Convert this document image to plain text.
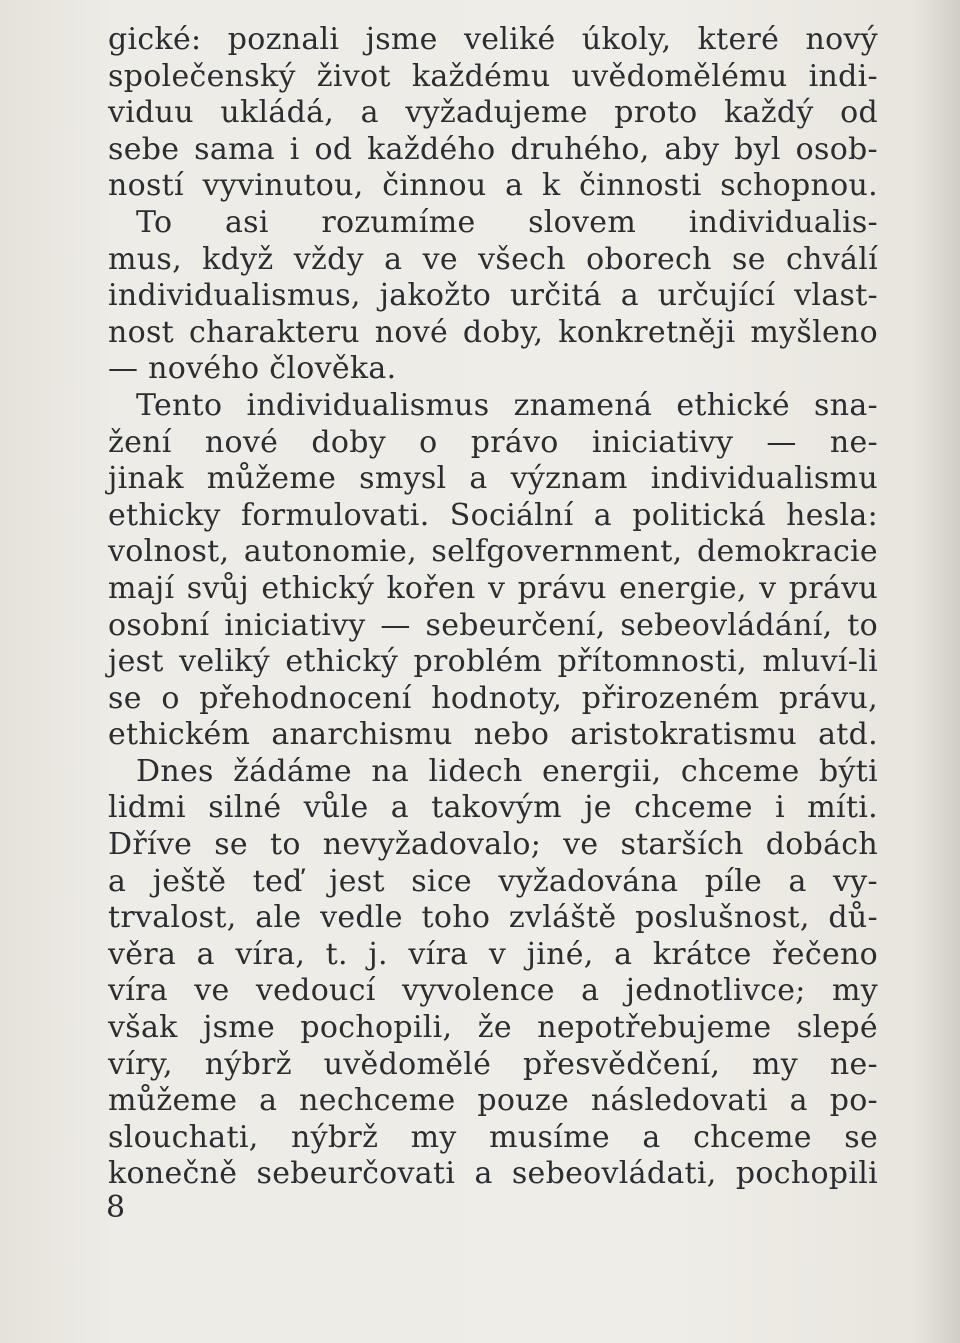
gické: poznali jsme veliké úkoly, které nový
společenský život každému uvědomělému indi-
viduu ukládá, a vyžadujeme proto každý od
sebe sama i od každého druhého, aby byl osob-
ností vyvinutou, činnou a k činnosti schopnou.
To asi rozumíme slovem individualis-
mus, když vždy a ve všech oborech se chválí
individualismus, jakožto určitá a určující vlast-
nost charakteru nové doby, konkretněji myšleno
— nového člověka.
Tento individualismus znamená ethické sna-
žení nové doby o právo iniciativy — ne-
jinak můžeme smysl a význam individualismu
ethicky formulovati. Sociální a politická hesla:
volnost, autonomie, selfgovernment, demokracie
mají svůj ethický kořen v právu energie, v právu
osobní iniciativy — sebeurčení, sebeovládání, to
jest veliký ethický problém přítomnosti, mluví-li
se o přehodnocení hodnoty, přirozeném právu,
ethickém anarchismu nebo aristokratismu atd.
Dnes žádáme na lidech energii, chceme býti
lidmi silné vůle a takovým je chceme i míti.
Dříve se to nevyžadovalo; ve starších dobách
a ještě teď jest sice vyžadována píle a vy-
trvalost, ale vedle toho zvláště poslušnost, dů-
věra a víra, t. j. víra v jiné, a krátce řečeno
víra ve vedoucí vyvolence a jednotlivce; my
však jsme pochopili, že nepotřebujeme slepé
víry, nýbrž uvědomělé přesvědčení, my ne-
můžeme a nechceme pouze následovati a po-
slouchati, nýbrž my musíme a chceme se
konečně sebeurčovati a sebeovládati, pochopili
8
